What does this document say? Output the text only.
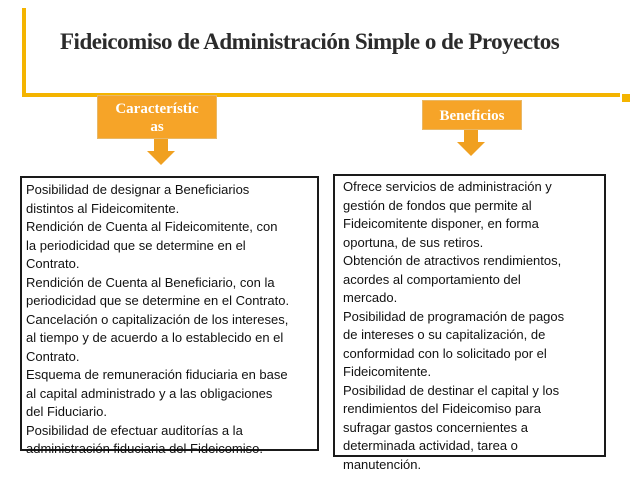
Fideicomiso de Administración Simple o de Proyectos
Característic as
Beneficios
Posibilidad de designar a Beneficiarios
distintos al Fideicomitente.
Rendición de Cuenta al Fideicomitente, con
la periodicidad que se determine en el
Contrato.
Rendición de Cuenta al Beneficiario, con la
periodicidad que se determine en el Contrato.
Cancelación o capitalización de los intereses,
al tiempo y de acuerdo a lo establecido en el
Contrato.
Esquema de remuneración fiduciaria en base
al capital administrado y a las obligaciones
del Fiduciario.
Posibilidad de efectuar auditorías a la
administración fiduciaria del Fideicomiso.
Ofrece servicios de administración y
gestión de fondos que permite al
Fideicomitente disponer, en forma
oportuna, de sus retiros.
Obtención de atractivos rendimientos,
acordes al comportamiento del
mercado.
Posibilidad de programación de pagos
de intereses o su capitalización, de
conformidad con lo solicitado por el
Fideicomitente.
Posibilidad de destinar el capital y los
rendimientos del Fideicomiso para
sufragar gastos concernientes a
determinada actividad, tarea o
manutención.
